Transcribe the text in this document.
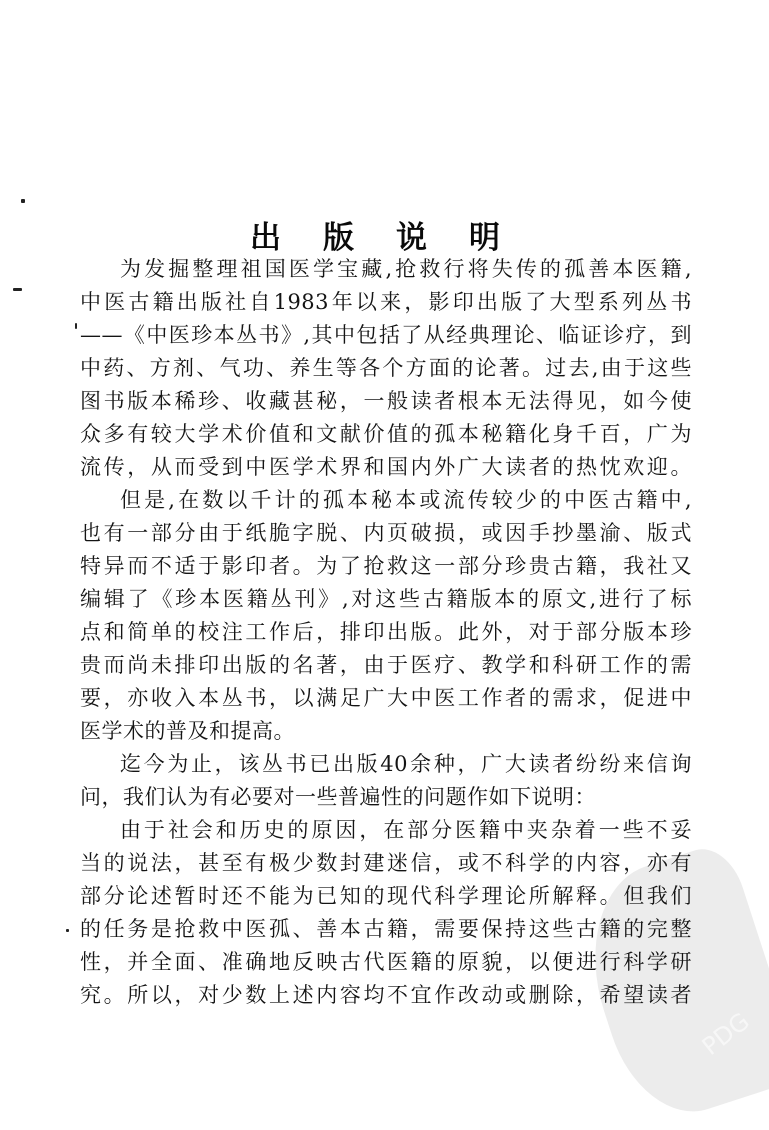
PDG
出 版 说 明
为发掘整理祖国医学宝藏,抢救行将失传的孤善本医籍,
中医古籍出版社自1983年以来，影印出版了大型系列丛书
——《中医珍本丛书》,其中包括了从经典理论、临证诊疗，到
中药、方剂、气功、养生等各个方面的论著。过去,由于这些
图书版本稀珍、收藏甚秘，一般读者根本无法得见，如今使
众多有较大学术价值和文献价值的孤本秘籍化身千百，广为
流传，从而受到中医学术界和国内外广大读者的热忱欢迎。
但是,在数以千计的孤本秘本或流传较少的中医古籍中,
也有一部分由于纸脆字脱、内页破损，或因手抄墨渝、版式
特异而不适于影印者。为了抢救这一部分珍贵古籍，我社又
编辑了《珍本医籍丛刊》,对这些古籍版本的原文,进行了标
点和简单的校注工作后，排印出版。此外，对于部分版本珍
贵而尚未排印出版的名著，由于医疗、教学和科研工作的需
要，亦收入本丛书，以满足广大中医工作者的需求，促进中
医学术的普及和提高。
迄今为止，该丛书已出版40余种，广大读者纷纷来信询
问，我们认为有必要对一些普遍性的问题作如下说明：
由于社会和历史的原因，在部分医籍中夹杂着一些不妥
当的说法，甚至有极少数封建迷信，或不科学的内容，亦有
部分论述暂时还不能为已知的现代科学理论所解释。但我们
的任务是抢救中医孤、善本古籍，需要保持这些古籍的完整
性，并全面、准确地反映古代医籍的原貌，以便进行科学研
究。所以，对少数上述内容均不宜作改动或删除，希望读者
